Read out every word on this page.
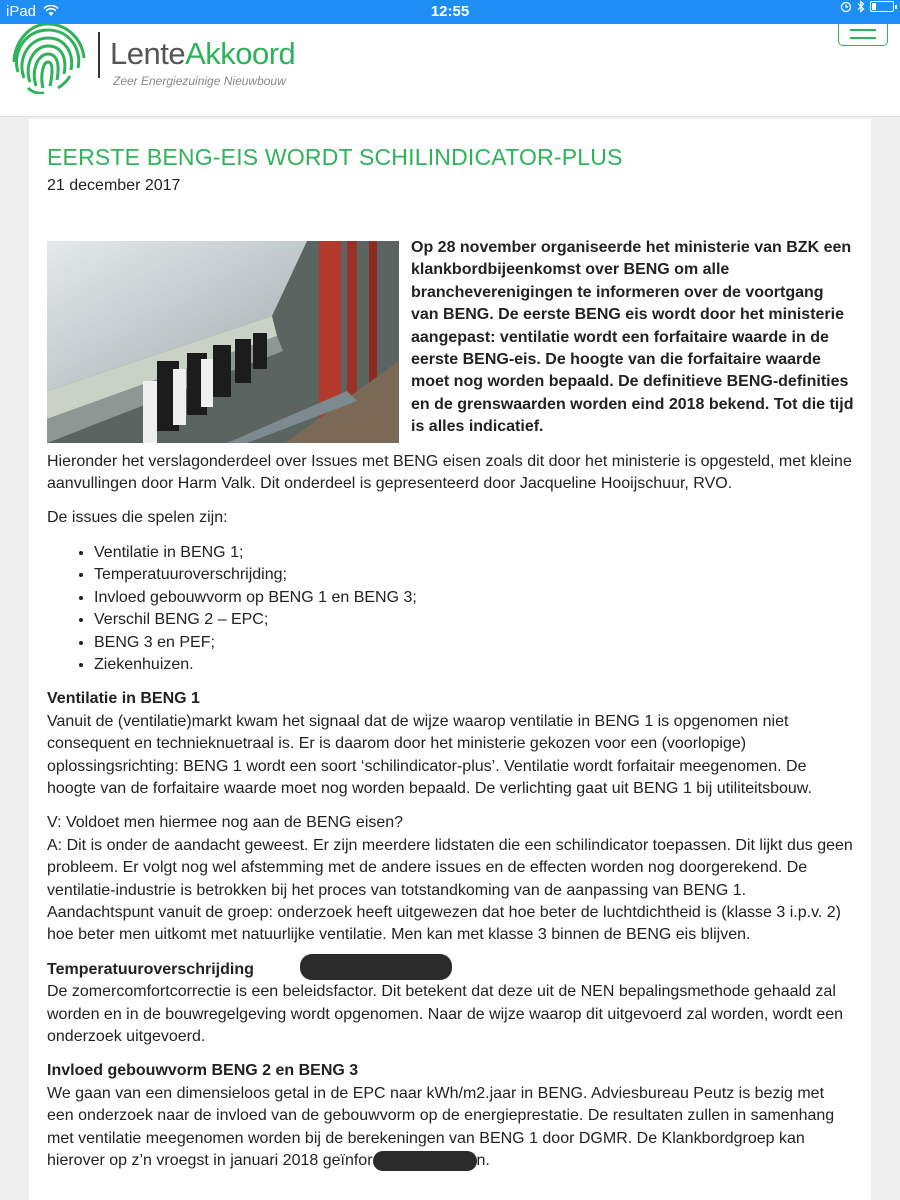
iPad	12:55
LenteAkkoord
Zeer Energiezuinige Nieuwbouw
EERSTE BENG-EIS WORDT SCHILINDICATOR-PLUS
21 december 2017

Op 28 november organiseerde het ministerie van BZK een klankbordbijeenkomst over BENG om alle brancheverenigingen te informeren over de voortgang van BENG. De eerste BENG eis wordt door het ministerie aangepast: ventilatie wordt een forfaitaire waarde in de eerste BENG-eis. De hoogte van die forfaitaire waarde moet nog worden bepaald. De definitieve BENG-definities en de grenswaarden worden eind 2018 bekend. Tot die tijd is alles indicatief.

Hieronder het verslagonderdeel over Issues met BENG eisen zoals dit door het ministerie is opgesteld, met kleine aanvullingen door Harm Valk. Dit onderdeel is gepresenteerd door Jacqueline Hooijschuur, RVO.

De issues die spelen zijn:

• Ventilatie in BENG 1;
• Temperatuuroverschrijding;
• Invloed gebouwvorm op BENG 1 en BENG 3;
• Verschil BENG 2 – EPC;
• BENG 3 en PEF;
• Ziekenhuizen.

Ventilatie in BENG 1
Vanuit de (ventilatie)markt kwam het signaal dat de wijze waarop ventilatie in BENG 1 is opgenomen niet consequent en technieknuetraal is. Er is daarom door het ministerie gekozen voor een (voorlopige) oplossingsrichting: BENG 1 wordt een soort ‘schilindicator-plus’. Ventilatie wordt forfaitair meegenomen. De hoogte van de forfaitaire waarde moet nog worden bepaald. De verlichting gaat uit BENG 1 bij utiliteitsbouw.

V: Voldoet men hiermee nog aan de BENG eisen?
A: Dit is onder de aandacht geweest. Er zijn meerdere lidstaten die een schilindicator toepassen. Dit lijkt dus geen probleem. Er volgt nog wel afstemming met de andere issues en de effecten worden nog doorgerekend. De ventilatie-industrie is betrokken bij het proces van totstandkoming van de aanpassing van BENG 1. Aandachtspunt vanuit de groep: onderzoek heeft uitgewezen dat hoe beter de luchtdichtheid is (klasse 3 i.p.v. 2) hoe beter men uitkomt met natuurlijke ventilatie. Men kan met klasse 3 binnen de BENG eis blijven.

Temperatuuroverschrijding
De zomercomfortcorrectie is een beleidsfactor. Dit betekent dat deze uit de NEN bepalingsmethode gehaald zal worden en in de bouwregelgeving wordt opgenomen. Naar de wijze waarop dit uitgevoerd zal worden, wordt een onderzoek uitgevoerd.

Invloed gebouwvorm BENG 2 en BENG 3
We gaan van een dimensieloos getal in de EPC naar kWh/m2.jaar in BENG. Adviesbureau Peutz is bezig met een onderzoek naar de invloed van de gebouwvorm op de energieprestatie. De resultaten zullen in samenhang met ventilatie meegenomen worden bij de berekeningen van BENG 1 door DGMR. De Klankbordgroep kan hierover op z’n vroegst in januari 2018 geïnfor	n.
